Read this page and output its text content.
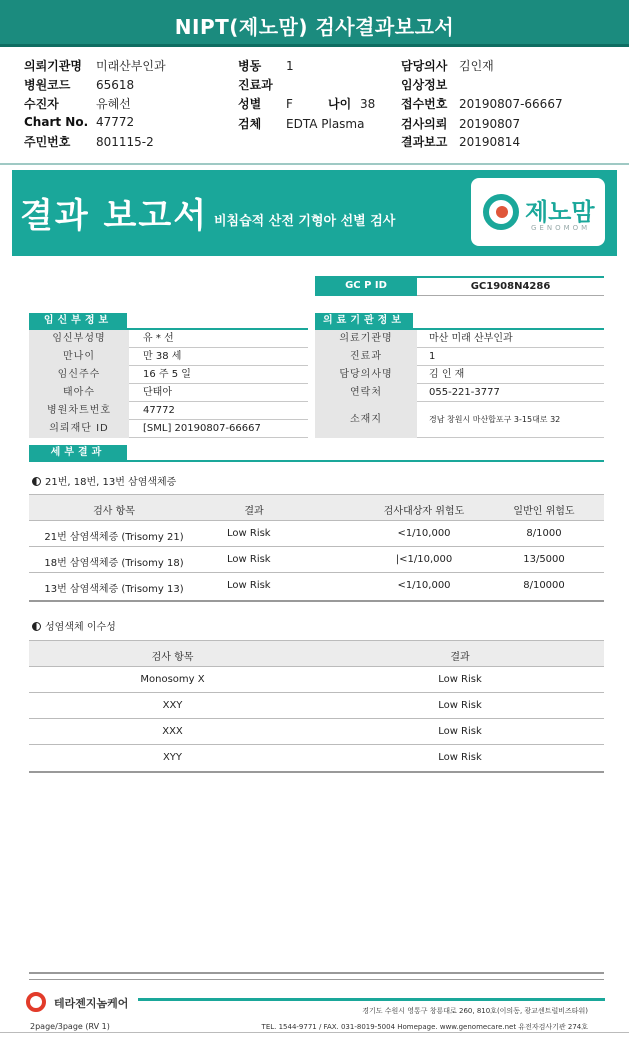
NIPT(제노맘) 검사결과보고서
의뢰기관명 미래산부인과
병원코드 65618
수진자	유혜선
Chart No. 47772
주민번호 801115-2
병동 1
진료과
성별 F	나이 38
검체 EDTA Plasma
담당의사 김인재
임상정보
접수번호 20190807-66667
검사의뢰 20190807
결과보고 20190814
결과 보고서 비침습적 산전 기형아 선별 검사	제노맘
GENOMOM
GC P ID	GC1908N4286
임신부정보
임신부성명	유 * 선
만나이	만 38 세
임신주수	16 주 5 일
태아수	단태아
병원차트번호	47772
의뢰재단 ID	[SML] 20190807-66667
의료기관정보
의료기관명	마산 미래 산부인과
진료과	1
담당의사명	김 인 재
연락처	055-221-3777
소재지	경남 창원시 마산합포구 3-15대로 32
세부결과
21번, 18번, 13번 삼염색체증
검사 항목	결과	검사대상자 위험도	일반인 위험도
21번 삼염색체증 (Trisomy 21)	Low Risk	<1/10,000	8/1000
18번 삼염색체증 (Trisomy 18)	Low Risk	|<1/10,000	13/5000
13번 삼염색체증 (Trisomy 13)	Low Risk	<1/10,000	8/10000
성염색체 이수성
검사 항목	결과
Monosomy X	Low Risk
XXY	Low Risk
XXX	Low Risk
XYY	Low Risk
테라젠지놈케어
경기도 수원시 영통구 창룡대로 260, 810호(이의동, 광교센트럴비즈타워)
2page/3page (RV 1)	TEL. 1544-9771 / FAX. 031-8019-5004 Homepage. www.genomecare.net 유전자검사기관 274호
